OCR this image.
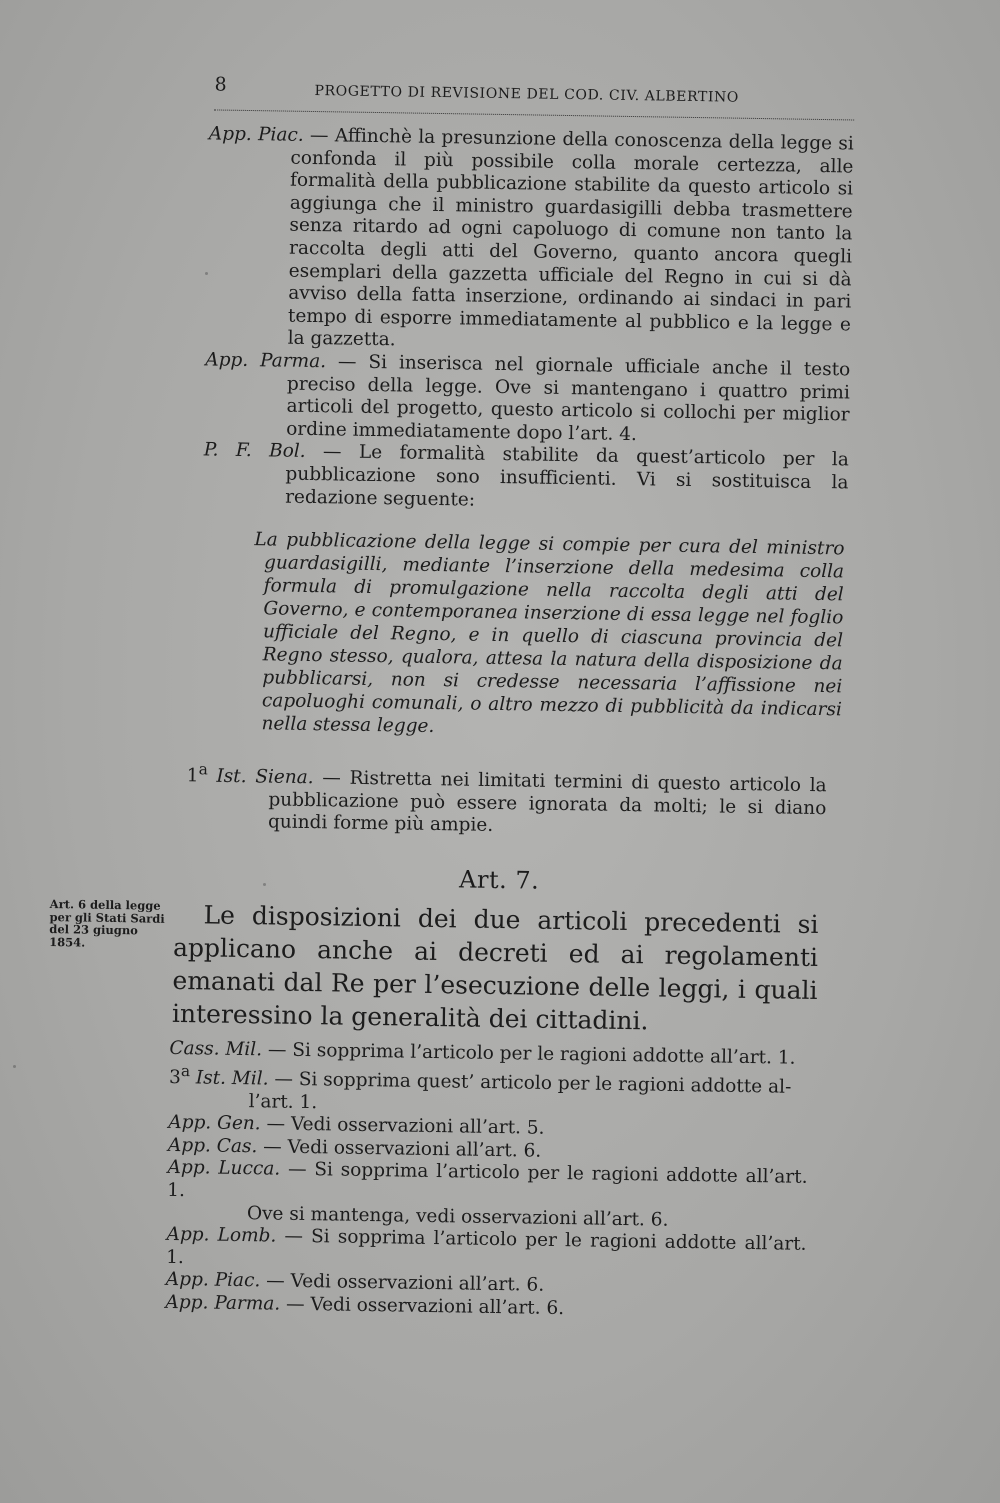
8	PROGETTO DI REVISIONE DEL COD. CIV. ALBERTINO

App. Piac. — Affinchè la presunzione della conoscenza della legge si confonda il più possibile colla morale certezza, alle formalità della pubblicazione stabilite da questo articolo si aggiunga che il ministro guardasigilli debba trasmettere senza ritardo ad ogni capoluogo di comune non tanto la raccolta degli atti del Governo, quanto ancora quegli esemplari della gazzetta ufficiale del Regno in cui si dà avviso della fatta inserzione, ordinando ai sindaci in pari tempo di esporre immediatamente al pubblico e la legge e la gazzetta.

App. Parma. — Si inserisca nel giornale ufficiale anche il testo preciso della legge. Ove si mantengano i quattro primi articoli del progetto, questo articolo si collochi per miglior ordine immediatamente dopo l’art. 4.

P. F. Bol. — Le formalità stabilite da quest’articolo per la pubblicazione sono insufficienti. Vi si sostituisca la redazione seguente:

La pubblicazione della legge si compie per cura del ministro guardasigilli, mediante l’inserzione della medesima colla formula di promulgazione nella raccolta degli atti del Governo, e contemporanea inserzione di essa legge nel foglio ufficiale del Regno, e in quello di ciascuna provincia del Regno stesso, qualora, attesa la natura della disposizione da pubblicarsi, non si credesse necessaria l’affissione nei capoluoghi comunali, o altro mezzo di pubblicità da indicarsi nella stessa legge.

1$^a$ Ist. Siena. — Ristretta nei limitati termini di questo articolo la pubblicazione può essere ignorata da molti; le si diano quindi forme più ampie.

Art. 7.
Art. 6 della legge per gli Stati Sardi del 23 giugno 1854.
Le disposizioni dei due articoli precedenti si applicano anche ai decreti ed ai regolamenti emanati dal Re per l’esecuzione delle leggi, i quali interessino la generalità dei cittadini.
Cass. Mil. — Si sopprima l’articolo per le ragioni addotte all’art. 1.
3$^a$ Ist. Mil. — Si sopprima quest’ articolo per le ragioni addotte al-
l’art. 1.
App. Gen. — Vedi osservazioni all’art. 5.
App. Cas. — Vedi osservazioni all’art. 6.
App. Lucca. — Si sopprima l’articolo per le ragioni addotte all’art. 1.
Ove si mantenga, vedi osservazioni all’art. 6.
App. Lomb. — Si sopprima l’articolo per le ragioni addotte all’art. 1.
App. Piac. — Vedi osservazioni all’art. 6.
App. Parma. — Vedi osservazioni all’art. 6.
